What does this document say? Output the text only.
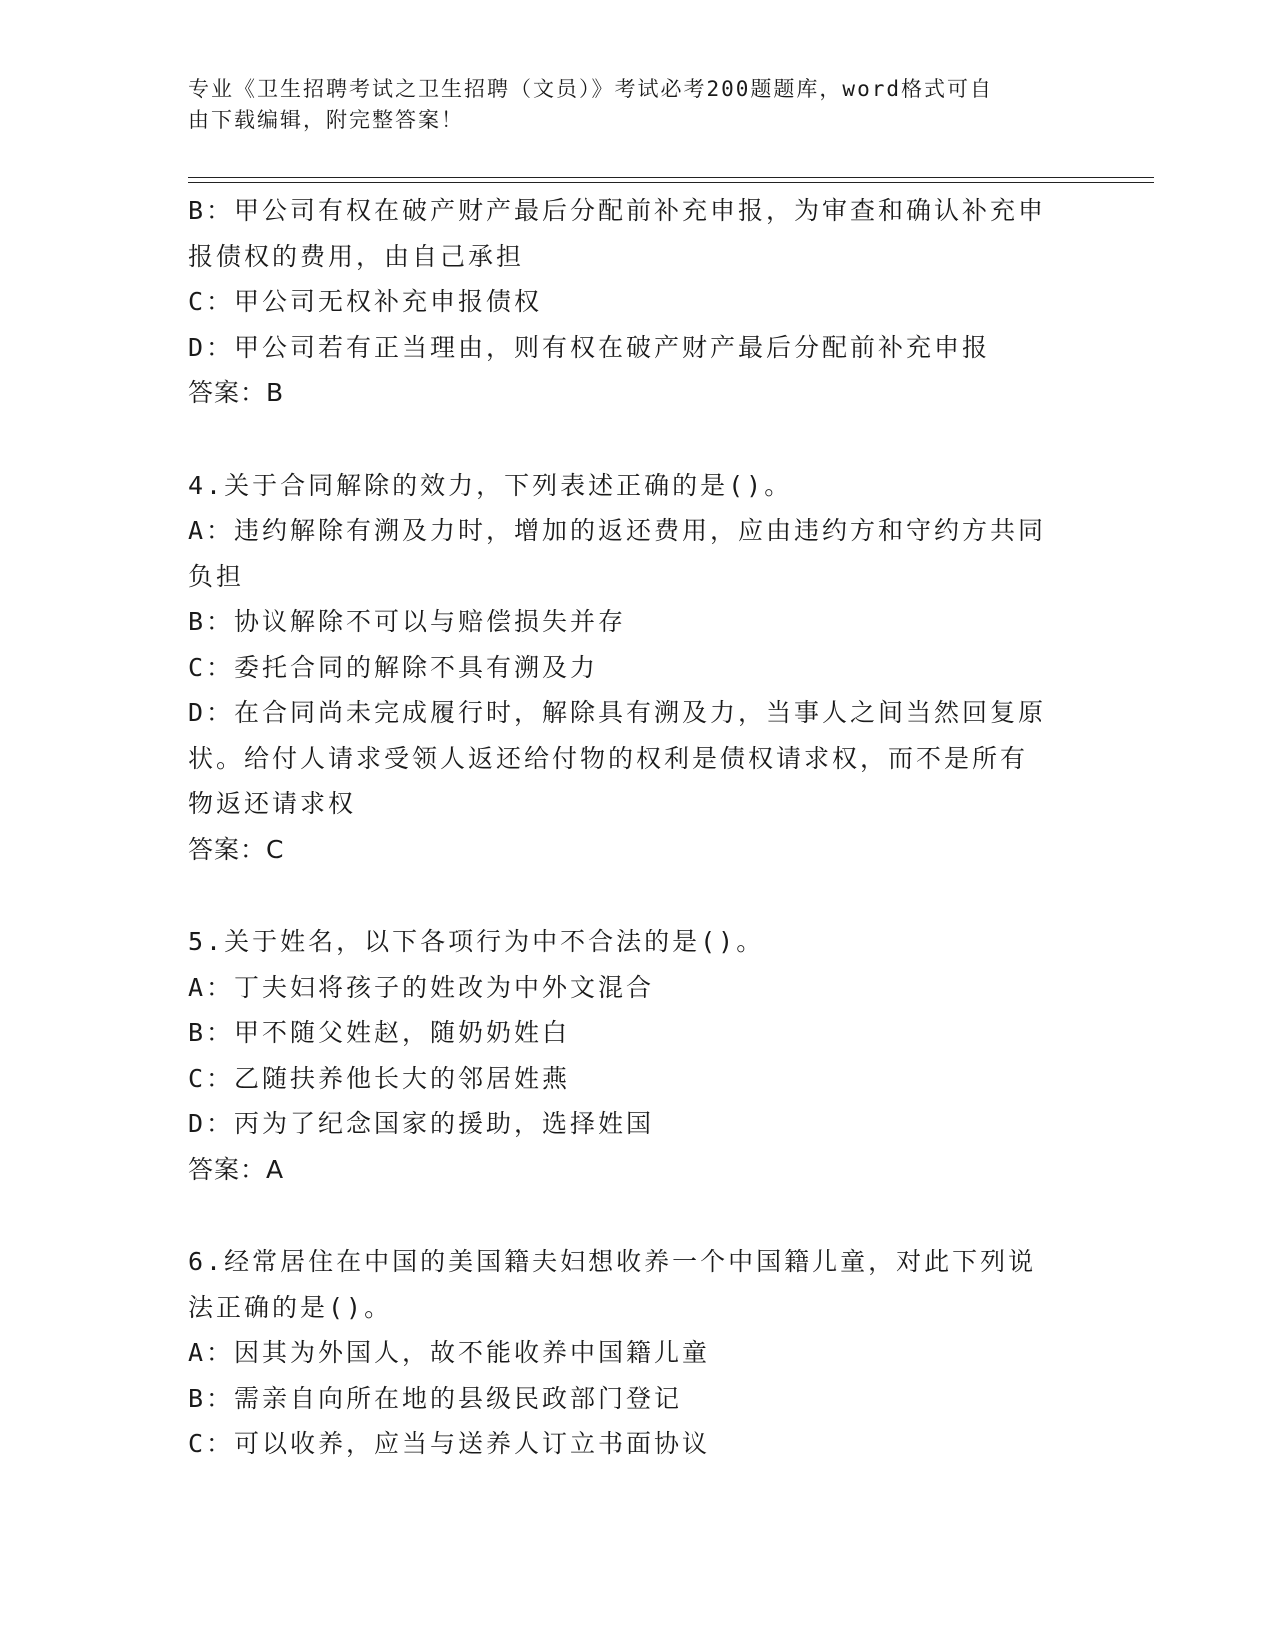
专业《卫生招聘考试之卫生招聘（文员）》考试必考200题题库，word格式可自
由下载编辑，附完整答案！
B：甲公司有权在破产财产最后分配前补充申报，为审查和确认补充申
报债权的费用，由自己承担
C：甲公司无权补充申报债权
D：甲公司若有正当理由，则有权在破产财产最后分配前补充申报
答案：B
4.关于合同解除的效力，下列表述正确的是()。
A：违约解除有溯及力时，增加的返还费用，应由违约方和守约方共同
负担
B：协议解除不可以与赔偿损失并存
C：委托合同的解除不具有溯及力
D：在合同尚未完成履行时，解除具有溯及力，当事人之间当然回复原
状。给付人请求受领人返还给付物的权利是债权请求权，而不是所有
物返还请求权
答案：C
5.关于姓名，以下各项行为中不合法的是()。
A：丁夫妇将孩子的姓改为中外文混合
B：甲不随父姓赵，随奶奶姓白
C：乙随扶养他长大的邻居姓燕
D：丙为了纪念国家的援助，选择姓国
答案：A
6.经常居住在中国的美国籍夫妇想收养一个中国籍儿童，对此下列说
法正确的是()。
A：因其为外国人，故不能收养中国籍儿童
B：需亲自向所在地的县级民政部门登记
C：可以收养，应当与送养人订立书面协议
